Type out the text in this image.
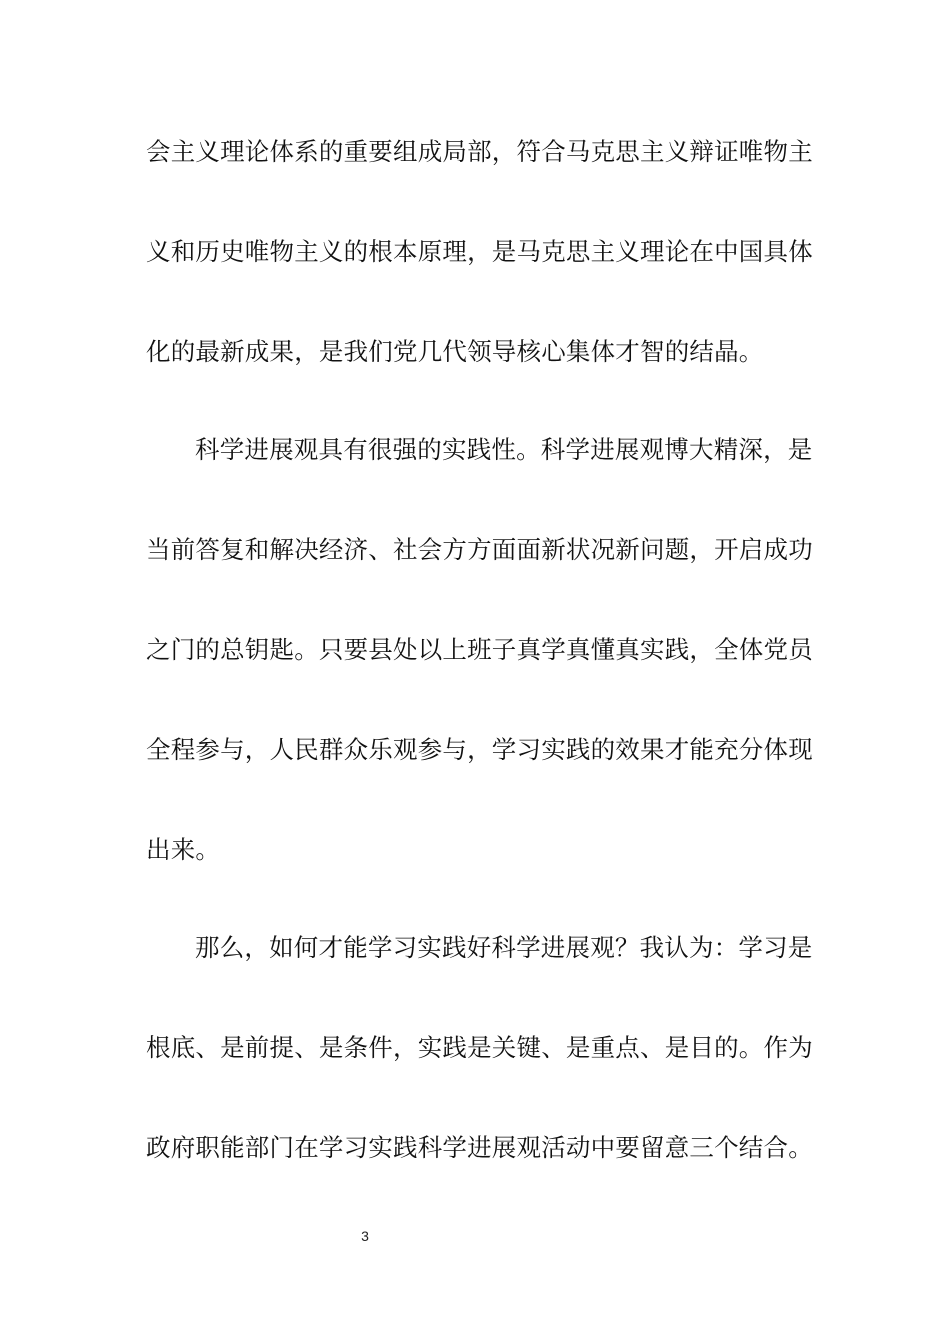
会主义理论体系的重要组成局部，符合马克思主义辩证唯物主
义和历史唯物主义的根本原理，是马克思主义理论在中国具体
化的最新成果，是我们党几代领导核心集体才智的结晶。
科学进展观具有很强的实践性。科学进展观博大精深，是
当前答复和解决经济、社会方方面面新状况新问题，开启成功
之门的总钥匙。只要县处以上班子真学真懂真实践，全体党员
全程参与，人民群众乐观参与，学习实践的效果才能充分体现
出来。
那么，如何才能学习实践好科学进展观？我认为：学习是
根底、是前提、是条件，实践是关键、是重点、是目的。作为
政府职能部门在学习实践科学进展观活动中要留意三个结合。
3
